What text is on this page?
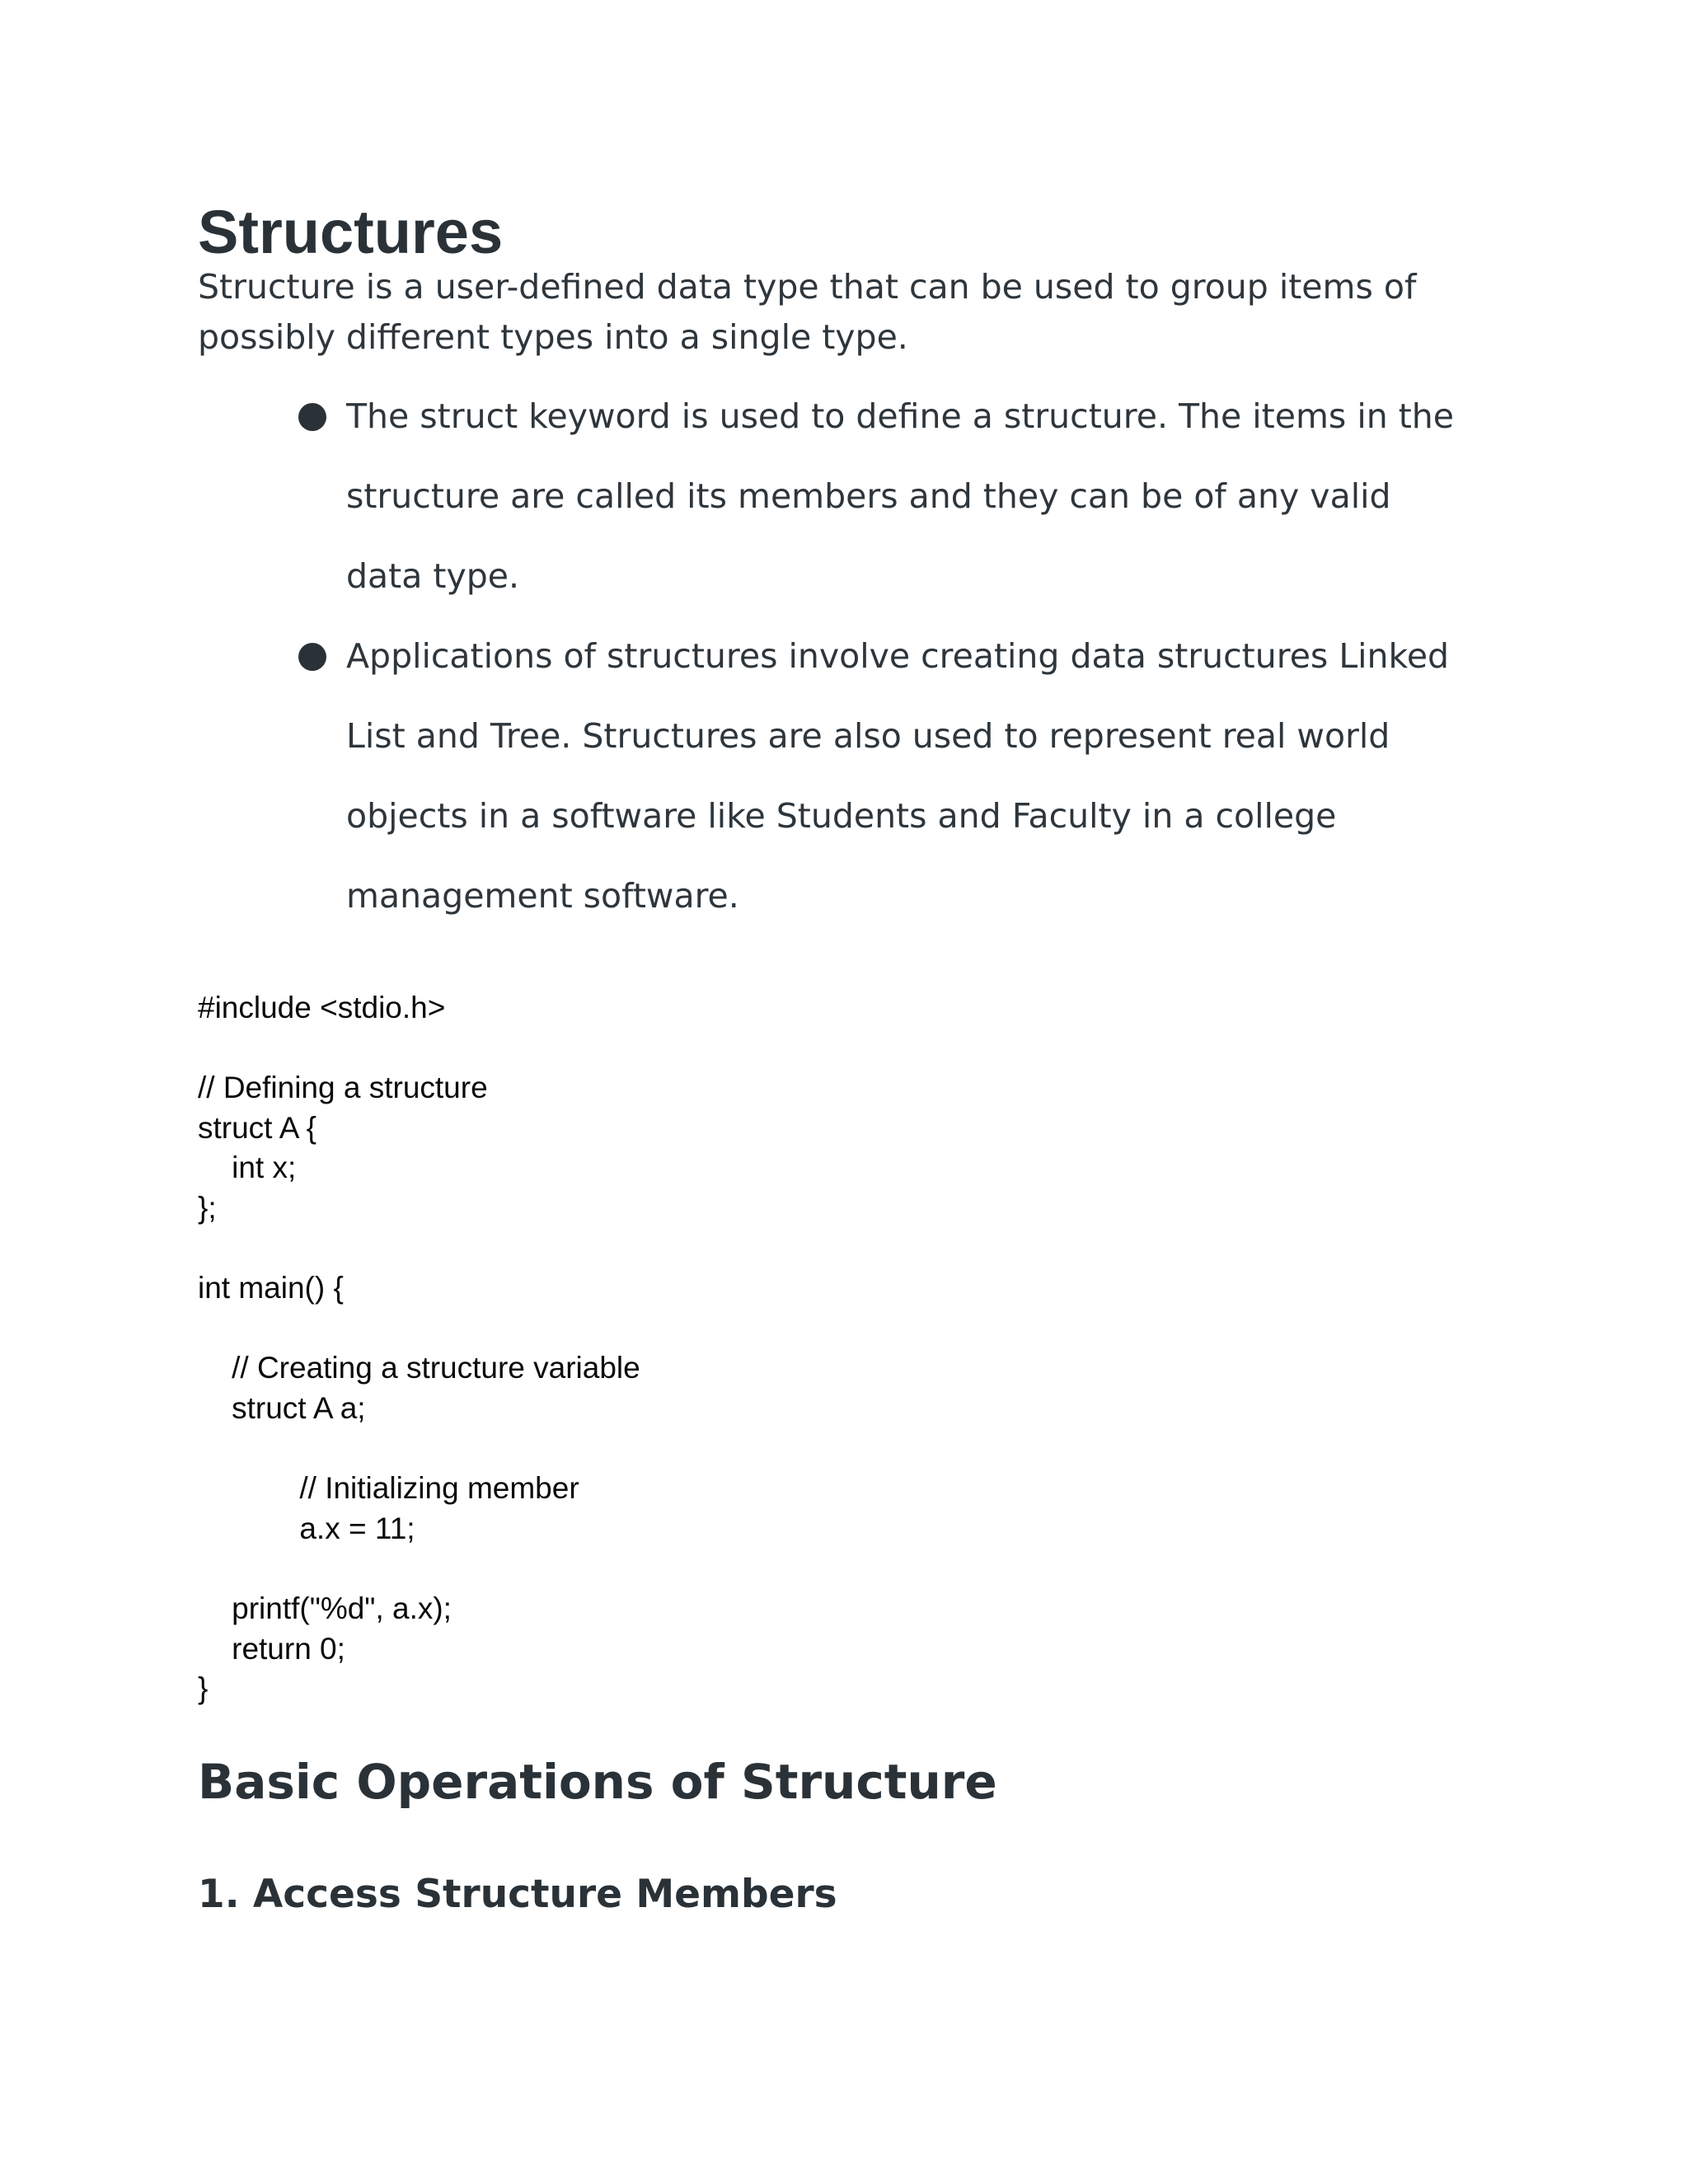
Structures

Structure is a user-defined data type that can be used to group items of possibly different types into a single type.

The struct keyword is used to define a structure. The items in the structure are called its members and they can be of any valid data type.
Applications of structures involve creating data structures Linked List and Tree. Structures are also used to represent real world objects in a software like Students and Faculty in a college management software.
#include <stdio.h>
// Defining a structure
struct A {
int x;
};
int main() {
// Creating a structure variable
struct A a;
// Initializing member
a.x = 11;
printf("%d", a.x);
return 0;
}
Basic Operations of Structure
1. Access Structure Members
